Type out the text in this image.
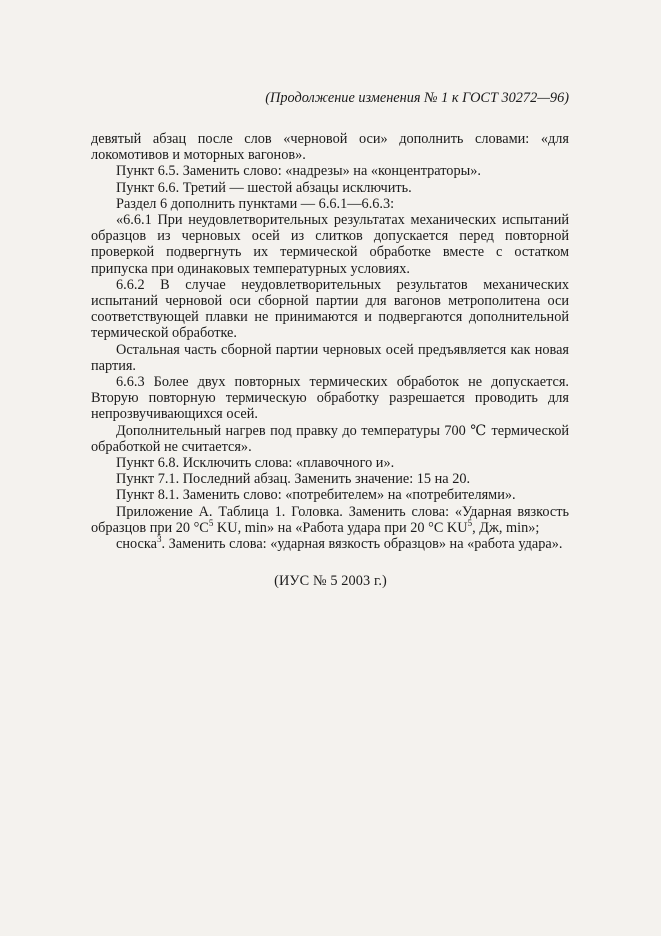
(Продолжение изменения № 1 к ГОСТ 30272—96)

девятый абзац после слов «черновой оси» дополнить словами: «для локомотивов и моторных вагонов».

Пункт 6.5. Заменить слово: «надрезы» на «концентраторы».

Пункт 6.6. Третий — шестой абзацы исключить.

Раздел 6 дополнить пунктами — 6.6.1—6.6.3:

«6.6.1 При неудовлетворительных результатах механических испытаний образцов из черновых осей из слитков допускается перед повторной проверкой подвергнуть их термической обработке вместе с остатком припуска при одинаковых температурных условиях.

6.6.2 В случае неудовлетворительных результатов механических испытаний черновой оси сборной партии для вагонов метрополитена оси соответствующей плавки не принимаются и подвергаются дополнительной термической обработке.

Остальная часть сборной партии черновых осей предъявляется как новая партия.

6.6.3 Более двух повторных термических обработок не допускается. Вторую повторную термическую обработку разрешается проводить для непрозвучивающихся осей.

Дополнительный нагрев под правку до температуры 700 ℃ термической обработкой не считается».

Пункт 6.8. Исключить слова: «плавочного и».

Пункт 7.1. Последний абзац. Заменить значение: 15 на 20.

Пункт 8.1. Заменить слово: «потребителем» на «потребителями».

Приложение А. Таблица 1. Головка. Заменить слова: «Ударная вязкость образцов при 20 $^\circ С^5$ KU, min» на «Работа удара при 20 °С $KU^5$, Дж, min»;

сноска$^3$. Заменить слова: «ударная вязкость образцов» на «работа удара».

(ИУС № 5 2003 г.)
